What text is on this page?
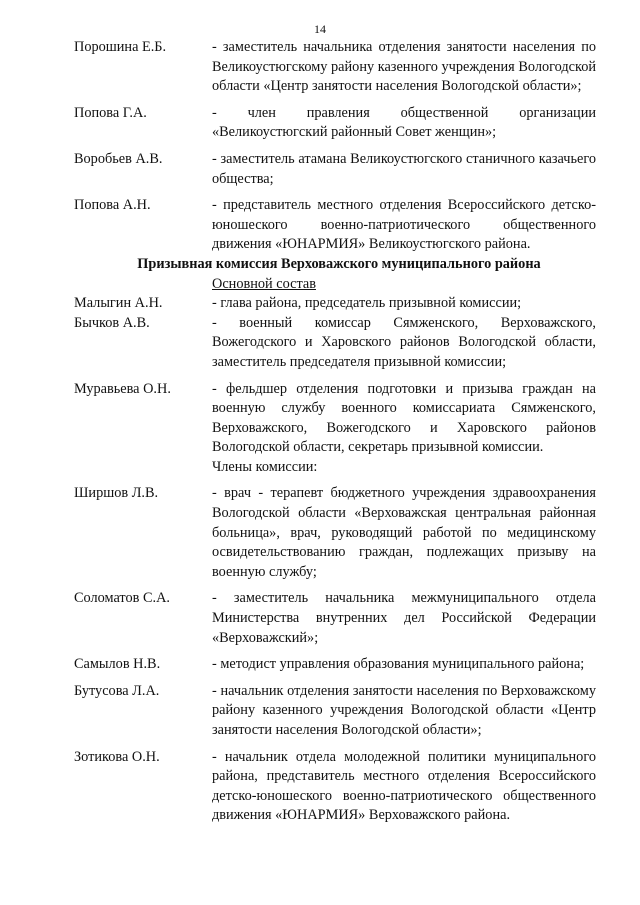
14
Порошина Е.Б.	- заместитель начальника отделения занятости населения по Великоустюгскому району казенного учреждения Вологодской области «Центр занятости населения Вологодской области»;
Попова Г.А.	- член правления общественной организации «Великоустюгский районный Совет женщин»;
Воробьев А.В.	- заместитель атамана Великоустюгского станичного казачьего общества;
Попова А.Н.	- представитель местного отделения Всероссийского детско-юношеского военно-патриотического общественного движения «ЮНАРМИЯ» Великоустюгского района.
Призывная комиссия Верховажского муниципального района
Основной состав
Малыгин А.Н.	- глава района, председатель призывной комиссии;
Бычков А.В.	- военный комиссар Сямженского, Верховажского, Вожегодского и Харовского районов Вологодской области, заместитель председателя призывной комиссии;
Муравьева О.Н.	- фельдшер отделения подготовки и призыва граждан на военную службу военного комиссариата Сямженского, Верховажского, Вожегодского и Харовского районов Вологодской области, секретарь призывной комиссии.
Члены комиссии:
Ширшов Л.В.	- врач - терапевт бюджетного учреждения здравоохранения Вологодской области «Верховажская центральная районная больница», врач, руководящий работой по медицинскому освидетельствованию граждан, подлежащих призыву на военную службу;
Соломатов С.А.	- заместитель начальника межмуниципального отдела Министерства внутренних дел Российской Федерации «Верховажский»;
Самылов Н.В.	- методист управления образования муниципального района;
Бутусова Л.А.	- начальник отделения занятости населения по Верховажскому району казенного учреждения Вологодской области «Центр занятости населения Вологодской области»;
Зотикова О.Н.	- начальник отдела молодежной политики муниципального района, представитель местного отделения Всероссийского детско-юношеского военно-патриотического общественного движения «ЮНАРМИЯ» Верховажского района.
